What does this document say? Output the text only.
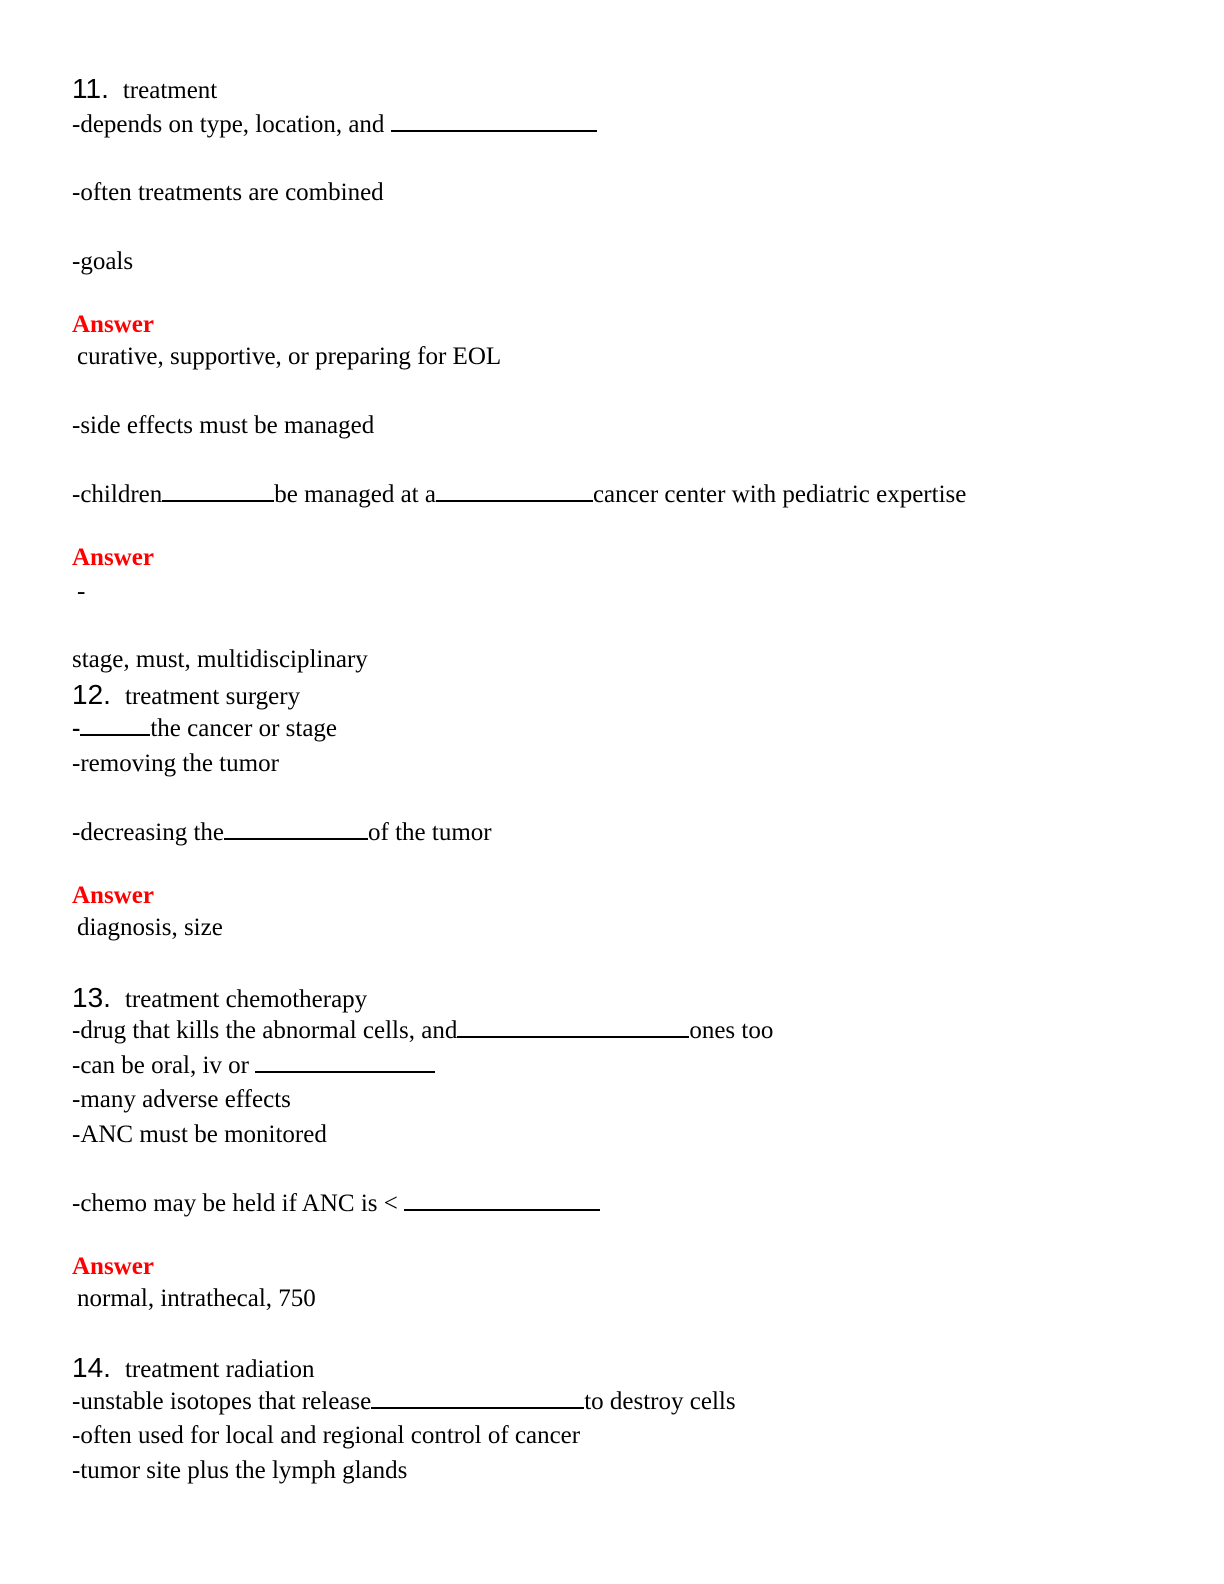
11. treatment
-depends on type, location, and
-often treatments are combined
-goals
Answer
curative, supportive, or preparing for EOL
-side effects must be managed
-children	be managed at a	cancer center with pediatric expertise
Answer
-
stage, must, multidisciplinary
12. treatment surgery
-	the cancer or stage
-removing the tumor
-decreasing the	of the tumor
Answer
diagnosis, size
13. treatment chemotherapy
-drug that kills the abnormal cells, and	ones too
-can be oral, iv or
-many adverse effects
-ANC must be monitored
-chemo may be held if ANC is <
Answer
normal, intrathecal, 750
14. treatment radiation
-unstable isotopes that release	to destroy cells
-often used for local and regional control of cancer
-tumor site plus the lymph glands
